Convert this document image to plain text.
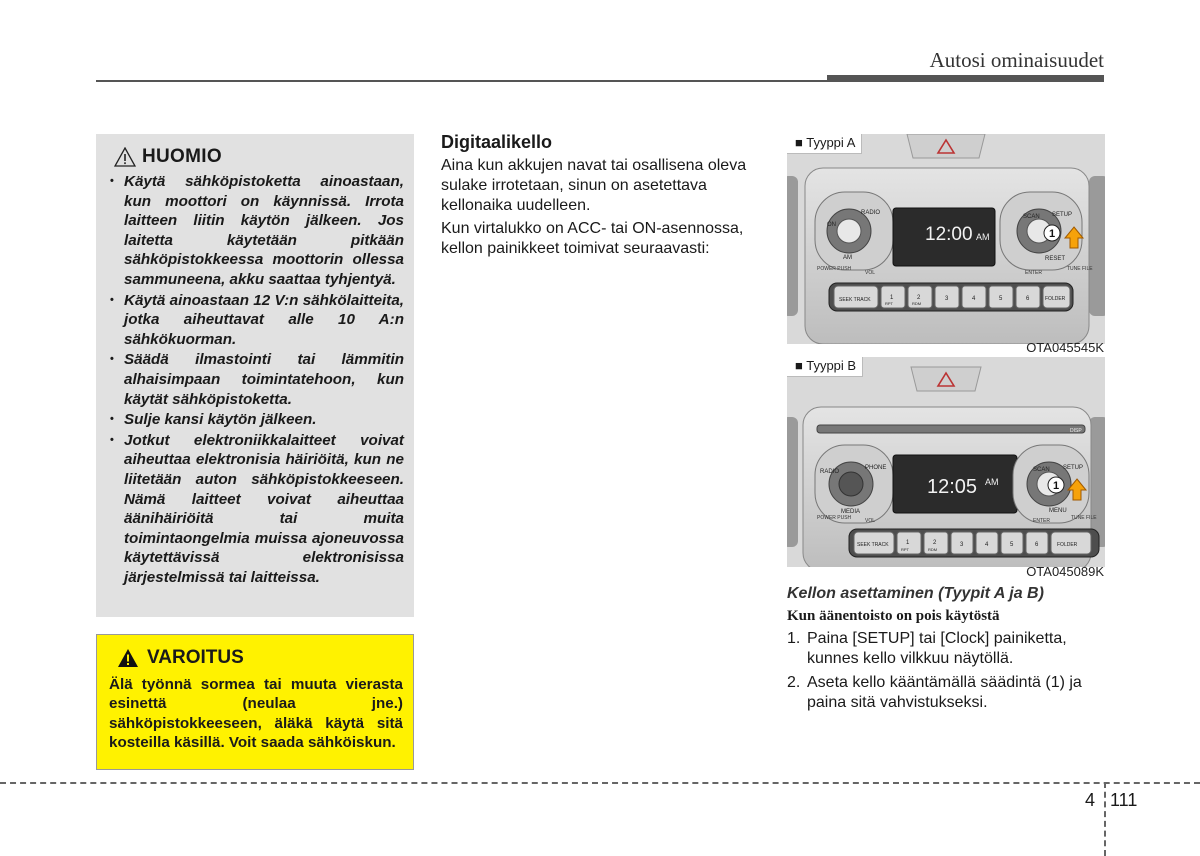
Autosi ominaisuudet
HUOMIO
• Käytä sähköpistoketta ainoastaan, kun moottori on käynnissä. Irrota laitteen liitin käytön jälkeen. Jos laitetta käytetään pitkään sähköpistokkeessa moottorin ollessa sammuneena, akku saattaa tyhjentyä.
• Käytä ainoastaan 12 V:n sähkölaitteita, jotka aiheuttavat alle 10 A:n sähkökuorman.
• Säädä ilmastointi tai lämmitin alhaisimpaan toimintatehoon, kun käytät sähköpistoketta.
• Sulje kansi käytön jälkeen.
• Jotkut elektroniikkalaitteet voivat aiheuttaa elektronisia häiriöitä, kun ne liitetään auton sähköpistokkeeseen. Nämä laitteet voivat aiheuttaa äänihäiriöitä tai muita toimintaongelmia muissa ajoneuvossa käytettävissä elektronisissa järjestelmissä tai laitteissa.
VAROITUS
Älä työnnä sormea tai muuta vierasta esinettä (neulaa jne.) sähköpistokkeeseen, äläkä käytä sitä kosteilla käsillä. Voit saada sähköiskun.
Digitaalikello

Aina kun akkujen navat tai osallisena oleva sulake irrotetaan, sinun on asetettava kellonaika uudelleen.

Kun virtalukko on ACC- tai ON-asennossa, kellon painikkeet toimivat seuraavasti:

■ Tyyppi A
ON
RADIO
AM
12:00 AM
SCAN SETUP
RESET
1
POWER PUSH
VOL	ENTER
TUNE FILE
SEEK TRACK	1
RPT
2
RDM
3	4	5	6	FOLDER
OTA045545K
■ Tyyppi B
DISP
RADIO
PHONE
MEDIA
12:05 AM
SCAN SETUP
MENU
1
POWER PUSH	VOL	ENTER	TUNE FILE
SEEK TRACK	1
RPT
2
RDM
3	4	5	6	FOLDER
OTA045089K
Kellon asettaminen (Tyypit A ja B)
Kun äänentoisto on pois käytöstä
1. Paina [SETUP] tai [Clock] painiketta, kunnes kello vilkkuu näytöllä.
2. Aseta kello kääntämällä säädintä (1) ja paina sitä vahvistukseksi.
4 111
